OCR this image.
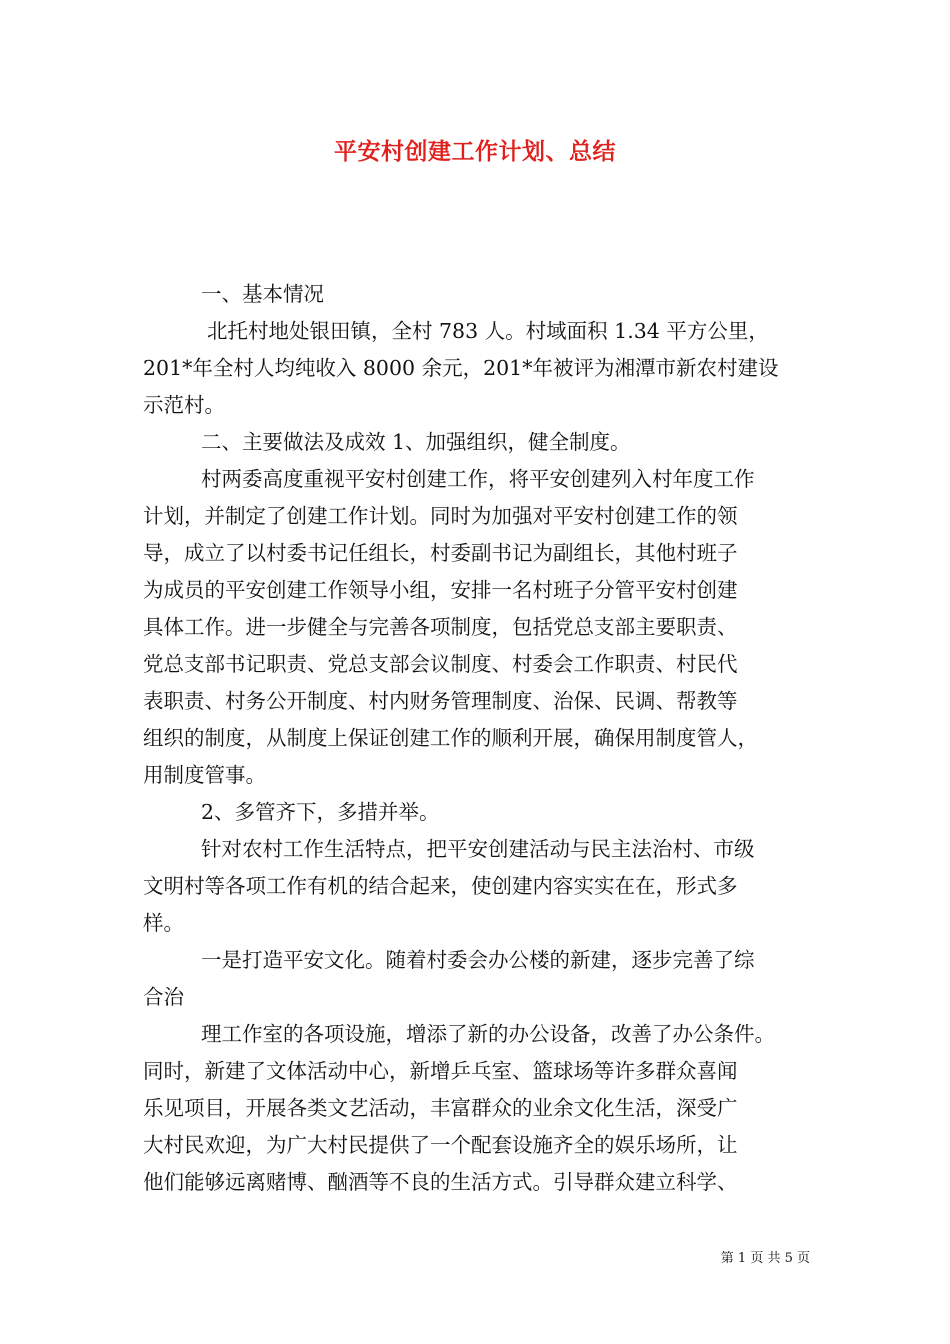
平安村创建工作计划、总结

一、基本情况

北托村地处银田镇，全村 783 人。村域面积 1.34 平方公里，

201*年全村人均纯收入 8000 余元，201*年被评为湘潭市新农村建设

示范村。

二、主要做法及成效 1、加强组织，健全制度。

村两委高度重视平安村创建工作，将平安创建列入村年度工作

计划，并制定了创建工作计划。同时为加强对平安村创建工作的领

导，成立了以村委书记任组长，村委副书记为副组长，其他村班子

为成员的平安创建工作领导小组，安排一名村班子分管平安村创建

具体工作。进一步健全与完善各项制度，包括党总支部主要职责、

党总支部书记职责、党总支部会议制度、村委会工作职责、村民代

表职责、村务公开制度、村内财务管理制度、治保、民调、帮教等

组织的制度，从制度上保证创建工作的顺利开展，确保用制度管人，

用制度管事。

2、多管齐下，多措并举。

针对农村工作生活特点，把平安创建活动与民主法治村、市级

文明村等各项工作有机的结合起来，使创建内容实实在在，形式多

样。

一是打造平安文化。随着村委会办公楼的新建，逐步完善了综

合治

理工作室的各项设施，增添了新的办公设备，改善了办公条件。

同时，新建了文体活动中心，新增乒乓室、篮球场等许多群众喜闻

乐见项目，开展各类文艺活动，丰富群众的业余文化生活，深受广

大村民欢迎，为广大村民提供了一个配套设施齐全的娱乐场所，让

他们能够远离赌博、酗酒等不良的生活方式。引导群众建立科学、

第 1 页 共 5 页
